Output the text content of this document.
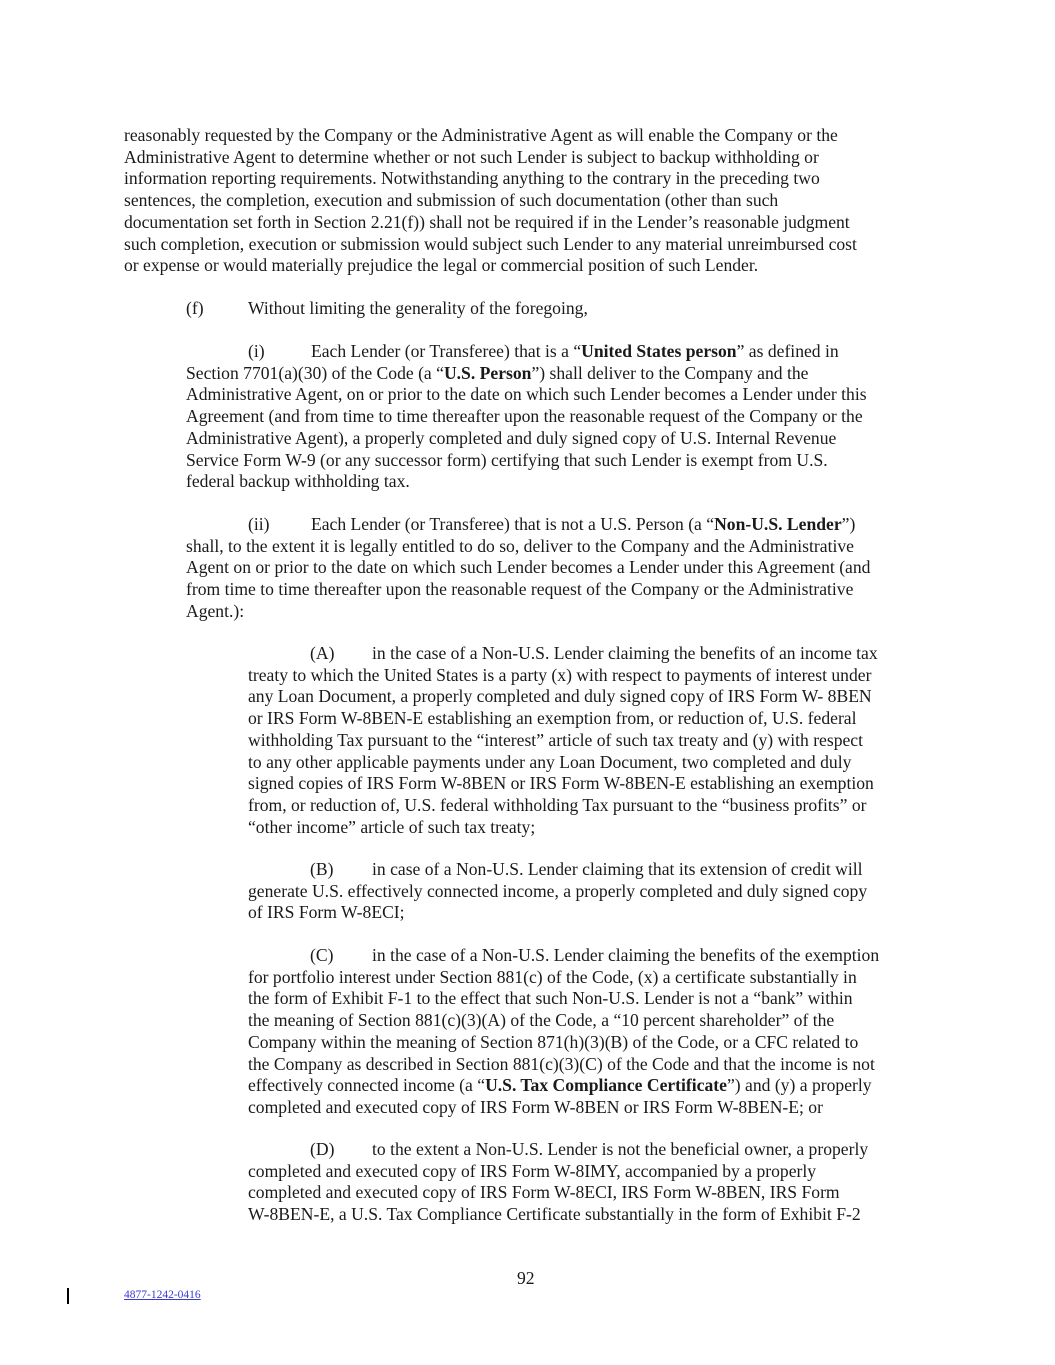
reasonably requested by the Company or the Administrative Agent as will enable the Company or the
Administrative Agent to determine whether or not such Lender is subject to backup withholding or
information reporting requirements. Notwithstanding anything to the contrary in the preceding two
sentences, the completion, execution and submission of such documentation (other than such
documentation set forth in Section 2.21(f)) shall not be required if in the Lender’s reasonable judgment
such completion, execution or submission would subject such Lender to any material unreimbursed cost
or expense or would materially prejudice the legal or commercial position of such Lender.
(f)	Without limiting the generality of the foregoing,
(i)	Each Lender (or Transferee) that is a “United States person” as defined in
Section 7701(a)(30) of the Code (a “U.S. Person”) shall deliver to the Company and the
Administrative Agent, on or prior to the date on which such Lender becomes a Lender under this
Agreement (and from time to time thereafter upon the reasonable request of the Company or the
Administrative Agent), a properly completed and duly signed copy of U.S. Internal Revenue
Service Form W-9 (or any successor form) certifying that such Lender is exempt from U.S.
federal backup withholding tax.
(ii) Each Lender (or Transferee) that is not a U.S. Person (a “Non-U.S. Lender”)
shall, to the extent it is legally entitled to do so, deliver to the Company and the Administrative
Agent on or prior to the date on which such Lender becomes a Lender under this Agreement (and
from time to time thereafter upon the reasonable request of the Company or the Administrative
Agent.):
(A) in the case of a Non-U.S. Lender claiming the benefits of an income tax
treaty to which the United States is a party (x) with respect to payments of interest under
any Loan Document, a properly completed and duly signed copy of IRS Form W- 8BEN
or IRS Form W-8BEN-E establishing an exemption from, or reduction of, U.S. federal
withholding Tax pursuant to the “interest” article of such tax treaty and (y) with respect
to any other applicable payments under any Loan Document, two completed and duly
signed copies of IRS Form W-8BEN or IRS Form W-8BEN-E establishing an exemption
from, or reduction of, U.S. federal withholding Tax pursuant to the “business profits” or
“other income” article of such tax treaty;
(B) in case of a Non-U.S. Lender claiming that its extension of credit will
generate U.S. effectively connected income, a properly completed and duly signed copy
of IRS Form W-8ECI;
(C) in the case of a Non-U.S. Lender claiming the benefits of the exemption
for portfolio interest under Section 881(c) of the Code, (x) a certificate substantially in
the form of Exhibit F-1 to the effect that such Non-U.S. Lender is not a “bank” within
the meaning of Section 881(c)(3)(A) of the Code, a “10 percent shareholder” of the
Company within the meaning of Section 871(h)(3)(B) of the Code, or a CFC related to
the Company as described in Section 881(c)(3)(C) of the Code and that the income is not
effectively connected income (a “U.S. Tax Compliance Certificate”) and (y) a properly
completed and executed copy of IRS Form W-8BEN or IRS Form W-8BEN-E; or
(D) to the extent a Non-U.S. Lender is not the beneficial owner, a properly
completed and executed copy of IRS Form W-8IMY, accompanied by a properly
completed and executed copy of IRS Form W-8ECI, IRS Form W-8BEN, IRS Form
W-8BEN-E, a U.S. Tax Compliance Certificate substantially in the form of Exhibit F-2
92
4877-1242-0416
